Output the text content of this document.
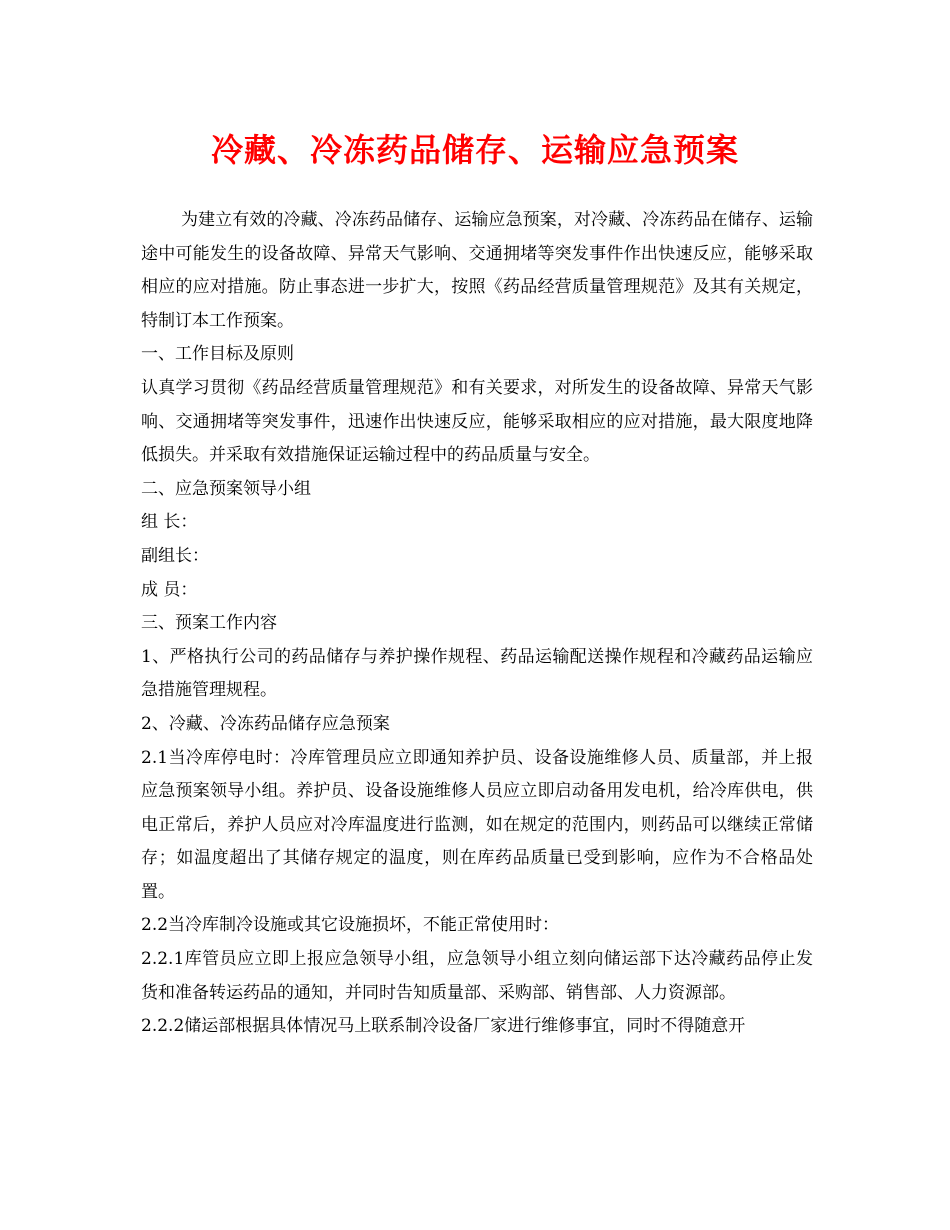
冷藏、冷冻药品储存、运输应急预案

为建立有效的冷藏、冷冻药品储存、运输应急预案，对冷藏、冷冻药品在储存、运输途中可能发生的设备故障、异常天气影响、交通拥堵等突发事件作出快速反应，能够采取相应的应对措施。防止事态进一步扩大，按照《药品经营质量管理规范》及其有关规定，特制订本工作预案。

一、工作目标及原则

认真学习贯彻《药品经营质量管理规范》和有关要求，对所发生的设备故障、异常天气影响、交通拥堵等突发事件，迅速作出快速反应，能够采取相应的应对措施，最大限度地降低损失。并采取有效措施保证运输过程中的药品质量与安全。

二、应急预案领导小组

组 长：

副组长：

成 员：

三、预案工作内容

1、严格执行公司的药品储存与养护操作规程、药品运输配送操作规程和冷藏药品运输应急措施管理规程。

2、冷藏、冷冻药品储存应急预案

2.1当冷库停电时：冷库管理员应立即通知养护员、设备设施维修人员、质量部，并上报应急预案领导小组。养护员、设备设施维修人员应立即启动备用发电机，给冷库供电，供电正常后，养护人员应对冷库温度进行监测，如在规定的范围内，则药品可以继续正常储存；如温度超出了其储存规定的温度，则在库药品质量已受到影响，应作为不合格品处置。

2.2当冷库制冷设施或其它设施损坏，不能正常使用时：

2.2.1库管员应立即上报应急领导小组，应急领导小组立刻向储运部下达冷藏药品停止发货和准备转运药品的通知，并同时告知质量部、采购部、销售部、人力资源部。

2.2.2储运部根据具体情况马上联系制冷设备厂家进行维修事宜，同时不得随意开
